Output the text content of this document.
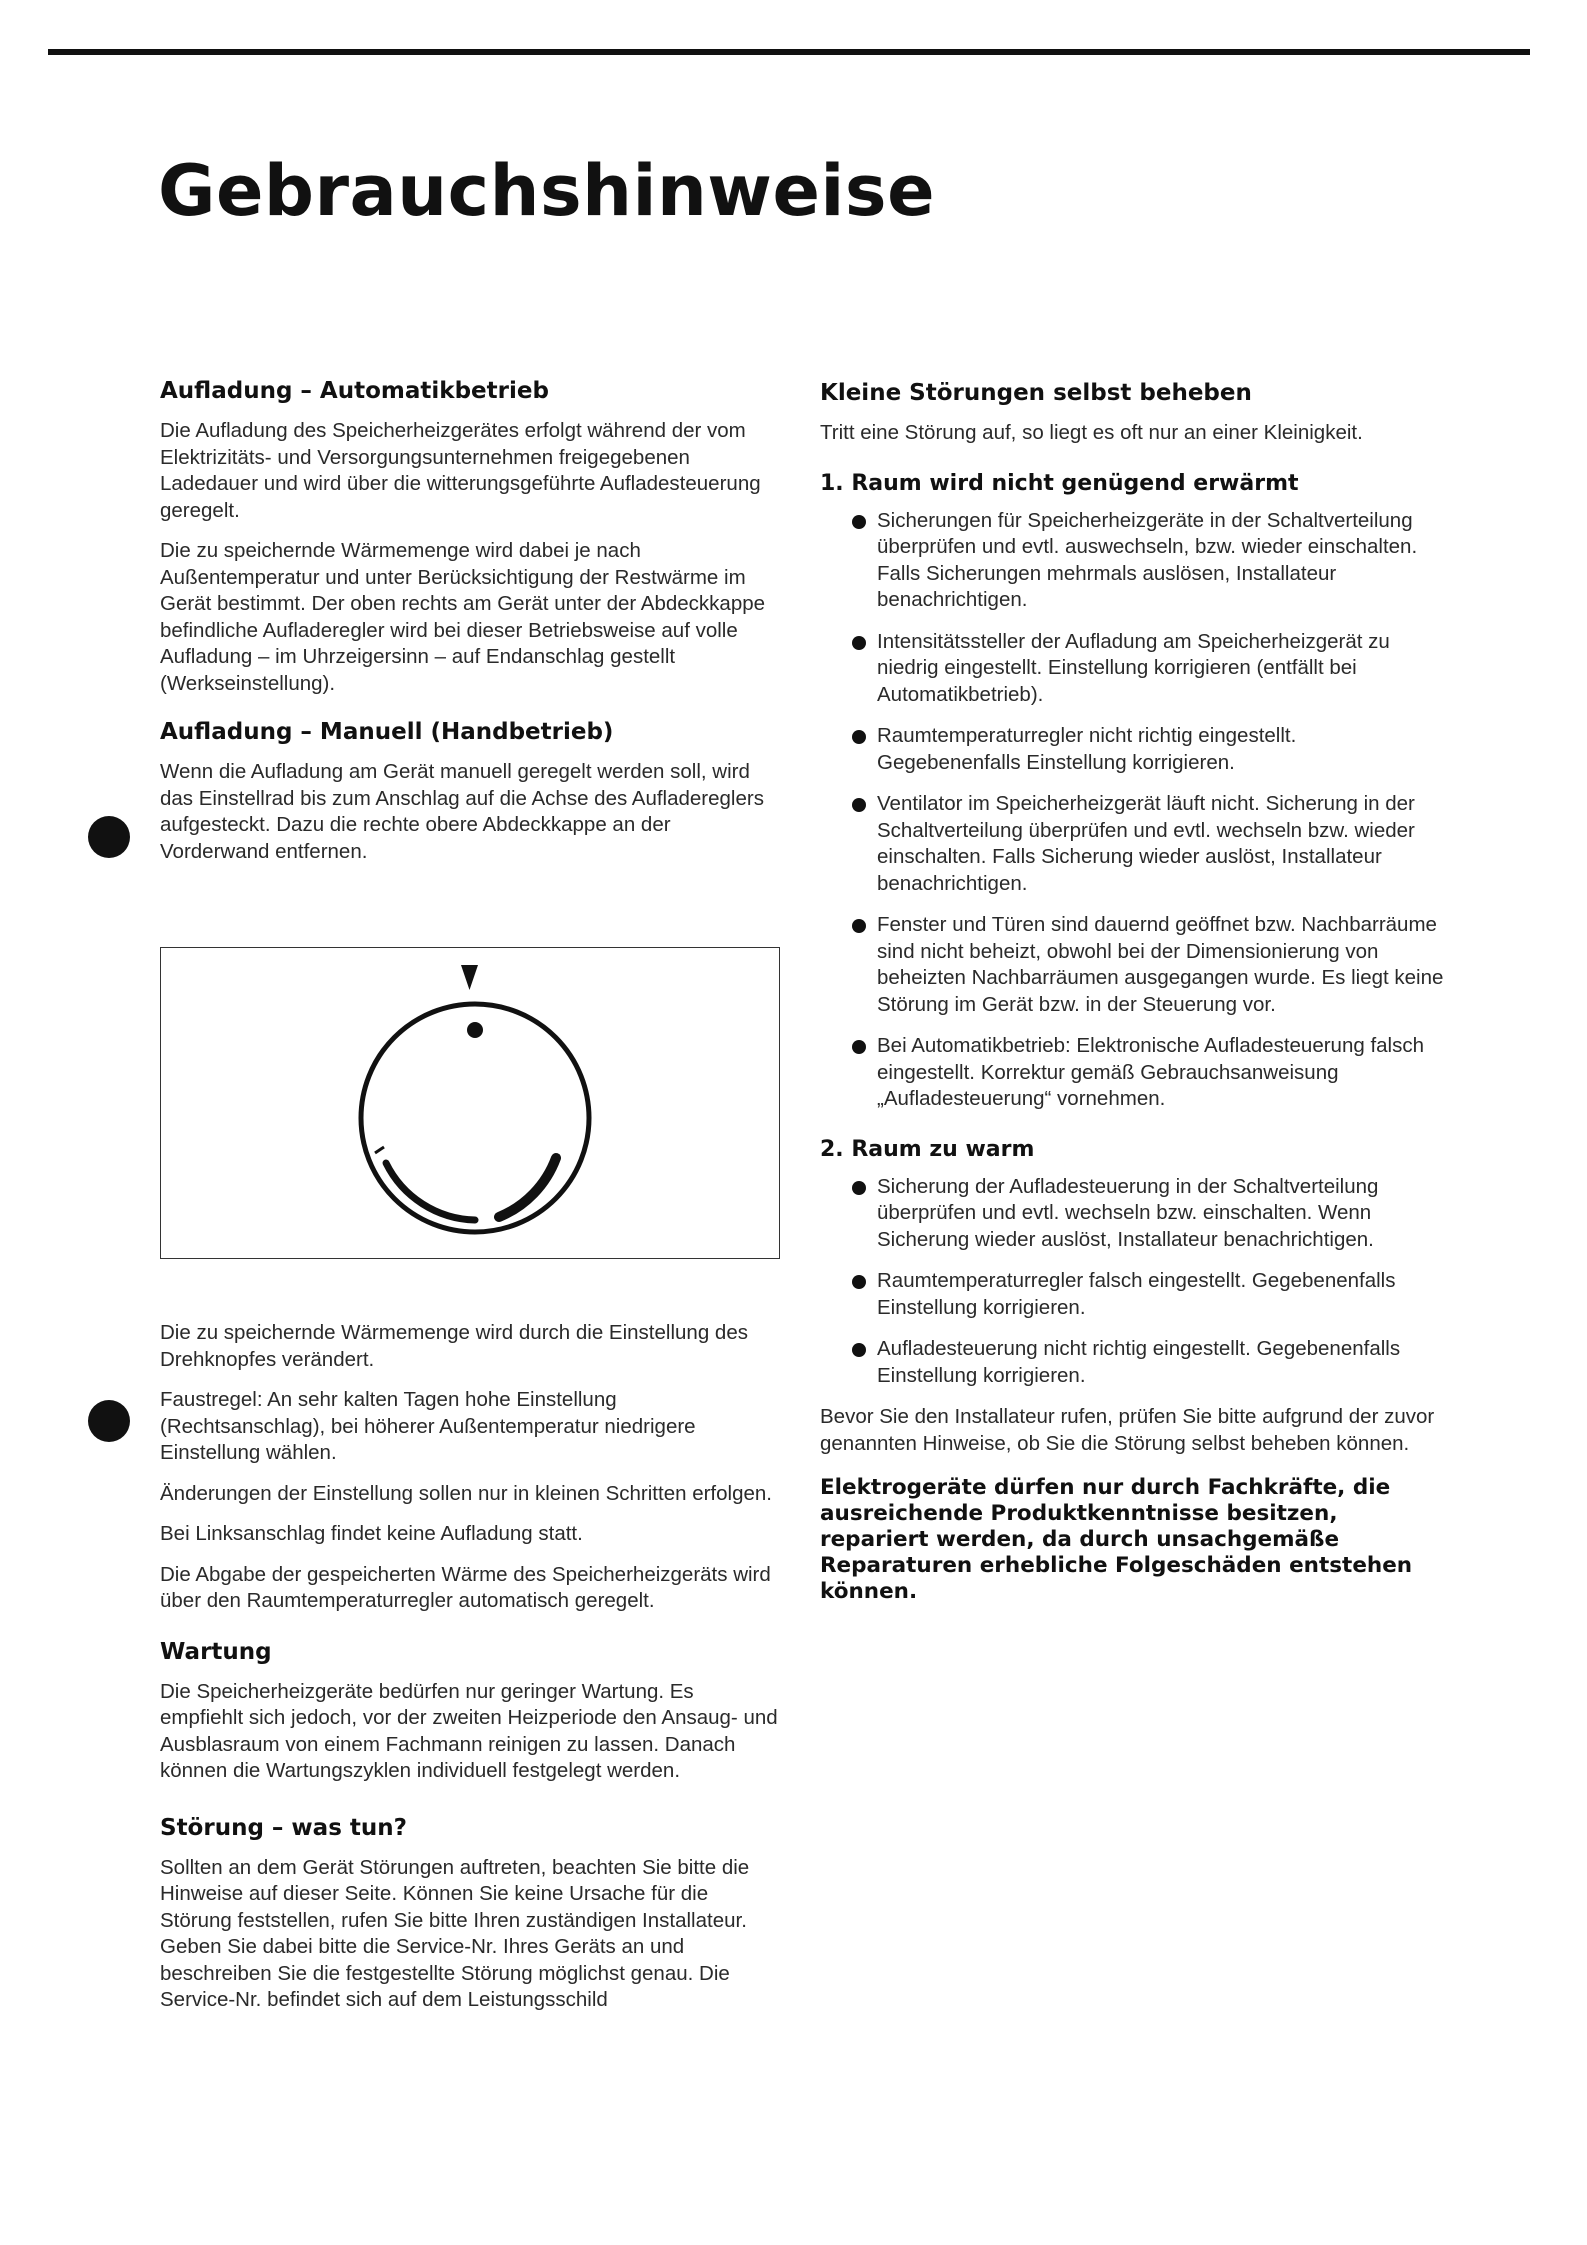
Gebrauchshinweise
Aufladung – Automatikbetrieb

Die Aufladung des Speicherheizgerätes erfolgt während der vom Elektrizitäts- und Versorgungsunternehmen freigegebenen Ladedauer und wird über die witterungsgeführte Aufladesteuerung geregelt.

Die zu speichernde Wärmemenge wird dabei je nach Außentemperatur und unter Berücksichtigung der Restwärme im Gerät bestimmt. Der oben rechts am Gerät unter der Abdeckkappe befindliche Aufladeregler wird bei dieser Betriebsweise auf volle Aufladung – im Uhrzeigersinn – auf Endanschlag gestellt (Werkseinstellung).

Aufladung – Manuell (Handbetrieb)

Wenn die Aufladung am Gerät manuell geregelt werden soll, wird das Einstellrad bis zum Anschlag auf die Achse des Aufladereglers aufgesteckt. Dazu die rechte obere Abdeckkappe an der Vorderwand entfernen.

Die zu speichernde Wärmemenge wird durch die Einstellung des Drehknopfes verändert.

Faustregel: An sehr kalten Tagen hohe Einstellung (Rechtsanschlag), bei höherer Außentemperatur niedrigere Einstellung wählen.

Änderungen der Einstellung sollen nur in kleinen Schritten erfolgen.

Bei Linksanschlag findet keine Aufladung statt.

Die Abgabe der gespeicherten Wärme des Speicherheizgeräts wird über den Raumtemperaturregler automatisch geregelt.

Wartung

Die Speicherheizgeräte bedürfen nur geringer Wartung. Es empfiehlt sich jedoch, vor der zweiten Heizperiode den Ansaug- und Ausblasraum von einem Fachmann reinigen zu lassen. Danach können die Wartungszyklen individuell festgelegt werden.

Störung – was tun?

Sollten an dem Gerät Störungen auftreten, beachten Sie bitte die Hinweise auf dieser Seite. Können Sie keine Ursache für die Störung feststellen, rufen Sie bitte Ihren zuständigen Installateur. Geben Sie dabei bitte die Service-Nr. Ihres Geräts an und beschreiben Sie die festgestellte Störung möglichst genau. Die Service-Nr. befindet sich auf dem Leistungsschild

Kleine Störungen selbst beheben

Tritt eine Störung auf, so liegt es oft nur an einer Kleinigkeit.

1. Raum wird nicht genügend erwärmt
Sicherungen für Speicherheizgeräte in der Schaltverteilung überprüfen und evtl. auswechseln, bzw. wieder einschalten. Falls Sicherungen mehrmals auslösen, Installateur benachrichtigen.
Intensitätssteller der Aufladung am Speicherheizgerät zu niedrig eingestellt. Einstellung korrigieren (entfällt bei Automatikbetrieb).
Raumtemperaturregler nicht richtig eingestellt. Gegebenenfalls Einstellung korrigieren.
Ventilator im Speicherheizgerät läuft nicht. Sicherung in der Schaltverteilung überprüfen und evtl. wechseln bzw. wieder einschalten. Falls Sicherung wieder auslöst, Installateur benachrichtigen.
Fenster und Türen sind dauernd geöffnet bzw. Nachbarräume sind nicht beheizt, obwohl bei der Dimensionierung von beheizten Nachbarräumen ausgegangen wurde. Es liegt keine Störung im Gerät bzw. in der Steuerung vor.
Bei Automatikbetrieb: Elektronische Aufladesteuerung falsch eingestellt. Korrektur gemäß Gebrauchsanweisung „Aufladesteuerung“ vornehmen.
2. Raum zu warm
Sicherung der Aufladesteuerung in der Schaltverteilung überprüfen und evtl. wechseln bzw. einschalten. Wenn Sicherung wieder auslöst, Installateur benachrichtigen.
Raumtemperaturregler falsch eingestellt. Gegebenenfalls Einstellung korrigieren.
Aufladesteuerung nicht richtig eingestellt. Gegebenenfalls Einstellung korrigieren.

Bevor Sie den Installateur rufen, prüfen Sie bitte aufgrund der zuvor genannten Hinweise, ob Sie die Störung selbst beheben können.

Elektrogeräte dürfen nur durch Fachkräfte, die ausreichende Produktkenntnisse besitzen, repariert werden, da durch unsachgemäße Reparaturen erhebliche Folgeschäden entstehen können.
